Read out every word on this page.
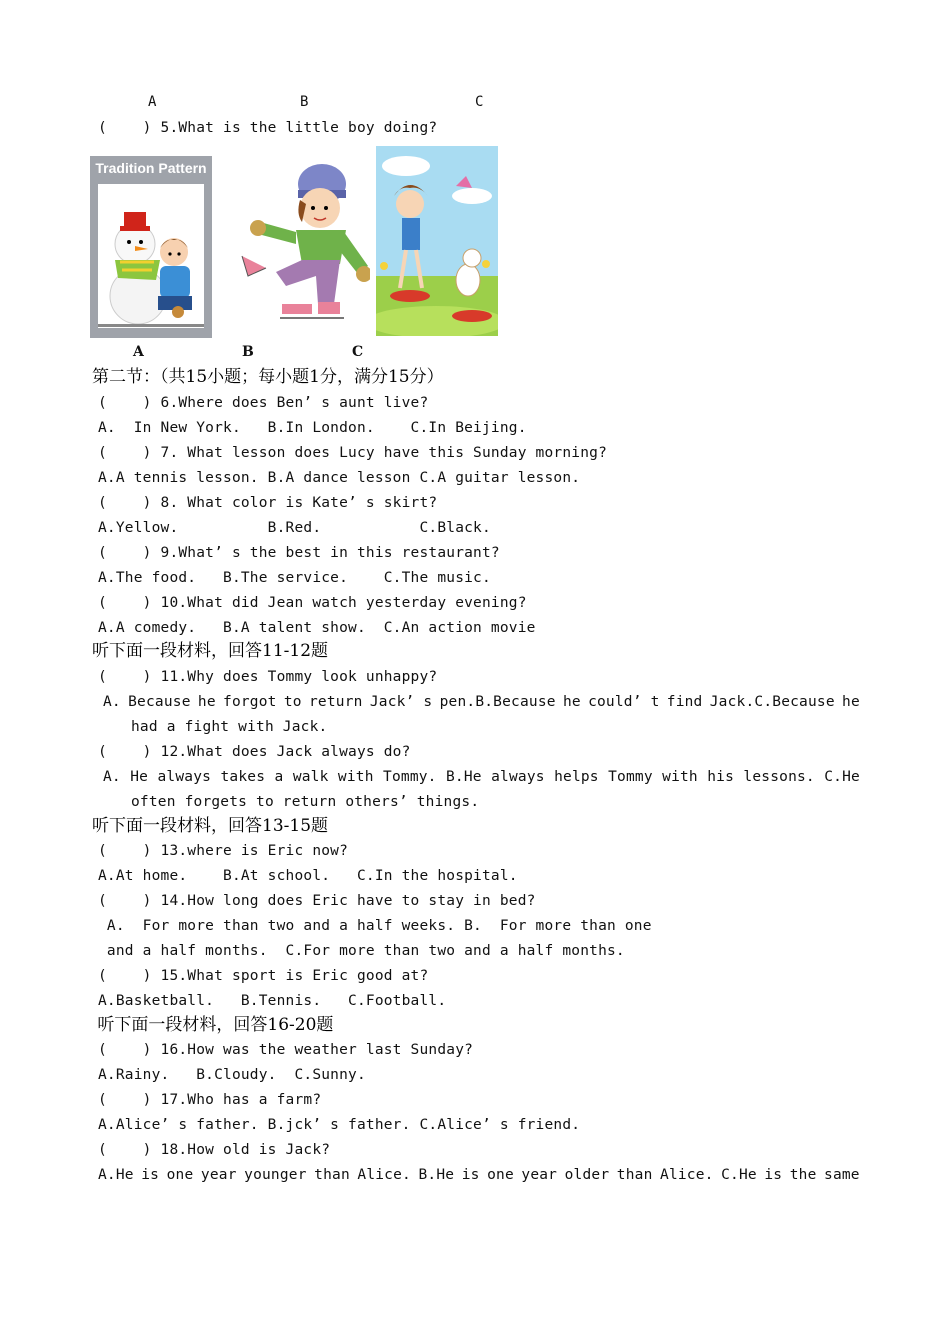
A	B	C
(    ) 5.What is the little boy doing?
Tradition Pattern
A	B	C
第二节：（共15小题；每小题1分，满分15分）
(    ) 6.Where does Ben’ s aunt live?
A.  In New York.   B.In London.    C.In Beijing.
(    ) 7. What lesson does Lucy have this Sunday morning?
A.A tennis lesson. B.A dance lesson C.A guitar lesson.
(    ) 8. What color is Kate’ s skirt?
A.Yellow.          B.Red.           C.Black.
(    ) 9.What’ s the best in this restaurant?
A.The food.   B.The service.    C.The music.
(    ) 10.What did Jean watch yesterday evening?
A.A comedy.   B.A talent show.  C.An action movie
听下面一段材料，回答11-12题
(    ) 11.Why does Tommy look unhappy?
A. Because he forgot to return Jack’ s pen.B.Because he could’ t find Jack.C.Because he
had a fight with Jack.
(    ) 12.What does Jack always do?
A. He always takes a walk with Tommy. B.He always helps Tommy with his lessons. C.He
often forgets to return others’ things.
听下面一段材料，回答13-15题
(    ) 13.where is Eric now?
A.At home.    B.At school.   C.In the hospital.
(    ) 14.How long does Eric have to stay in bed?
A.  For more than two and a half weeks. B.  For more than one
and a half months.  C.For more than two and a half months.
(    ) 15.What sport is Eric good at?
A.Basketball.   B.Tennis.   C.Football.
听下面一段材料，回答16-20题
(    ) 16.How was the weather last Sunday?
A.Rainy.   B.Cloudy.  C.Sunny.
(    ) 17.Who has a farm?
A.Alice’ s father. B.jck’ s father. C.Alice’ s friend.
(    ) 18.How old is Jack?
A.He is one year younger than Alice. B.He is one year older than Alice. C.He is the same
